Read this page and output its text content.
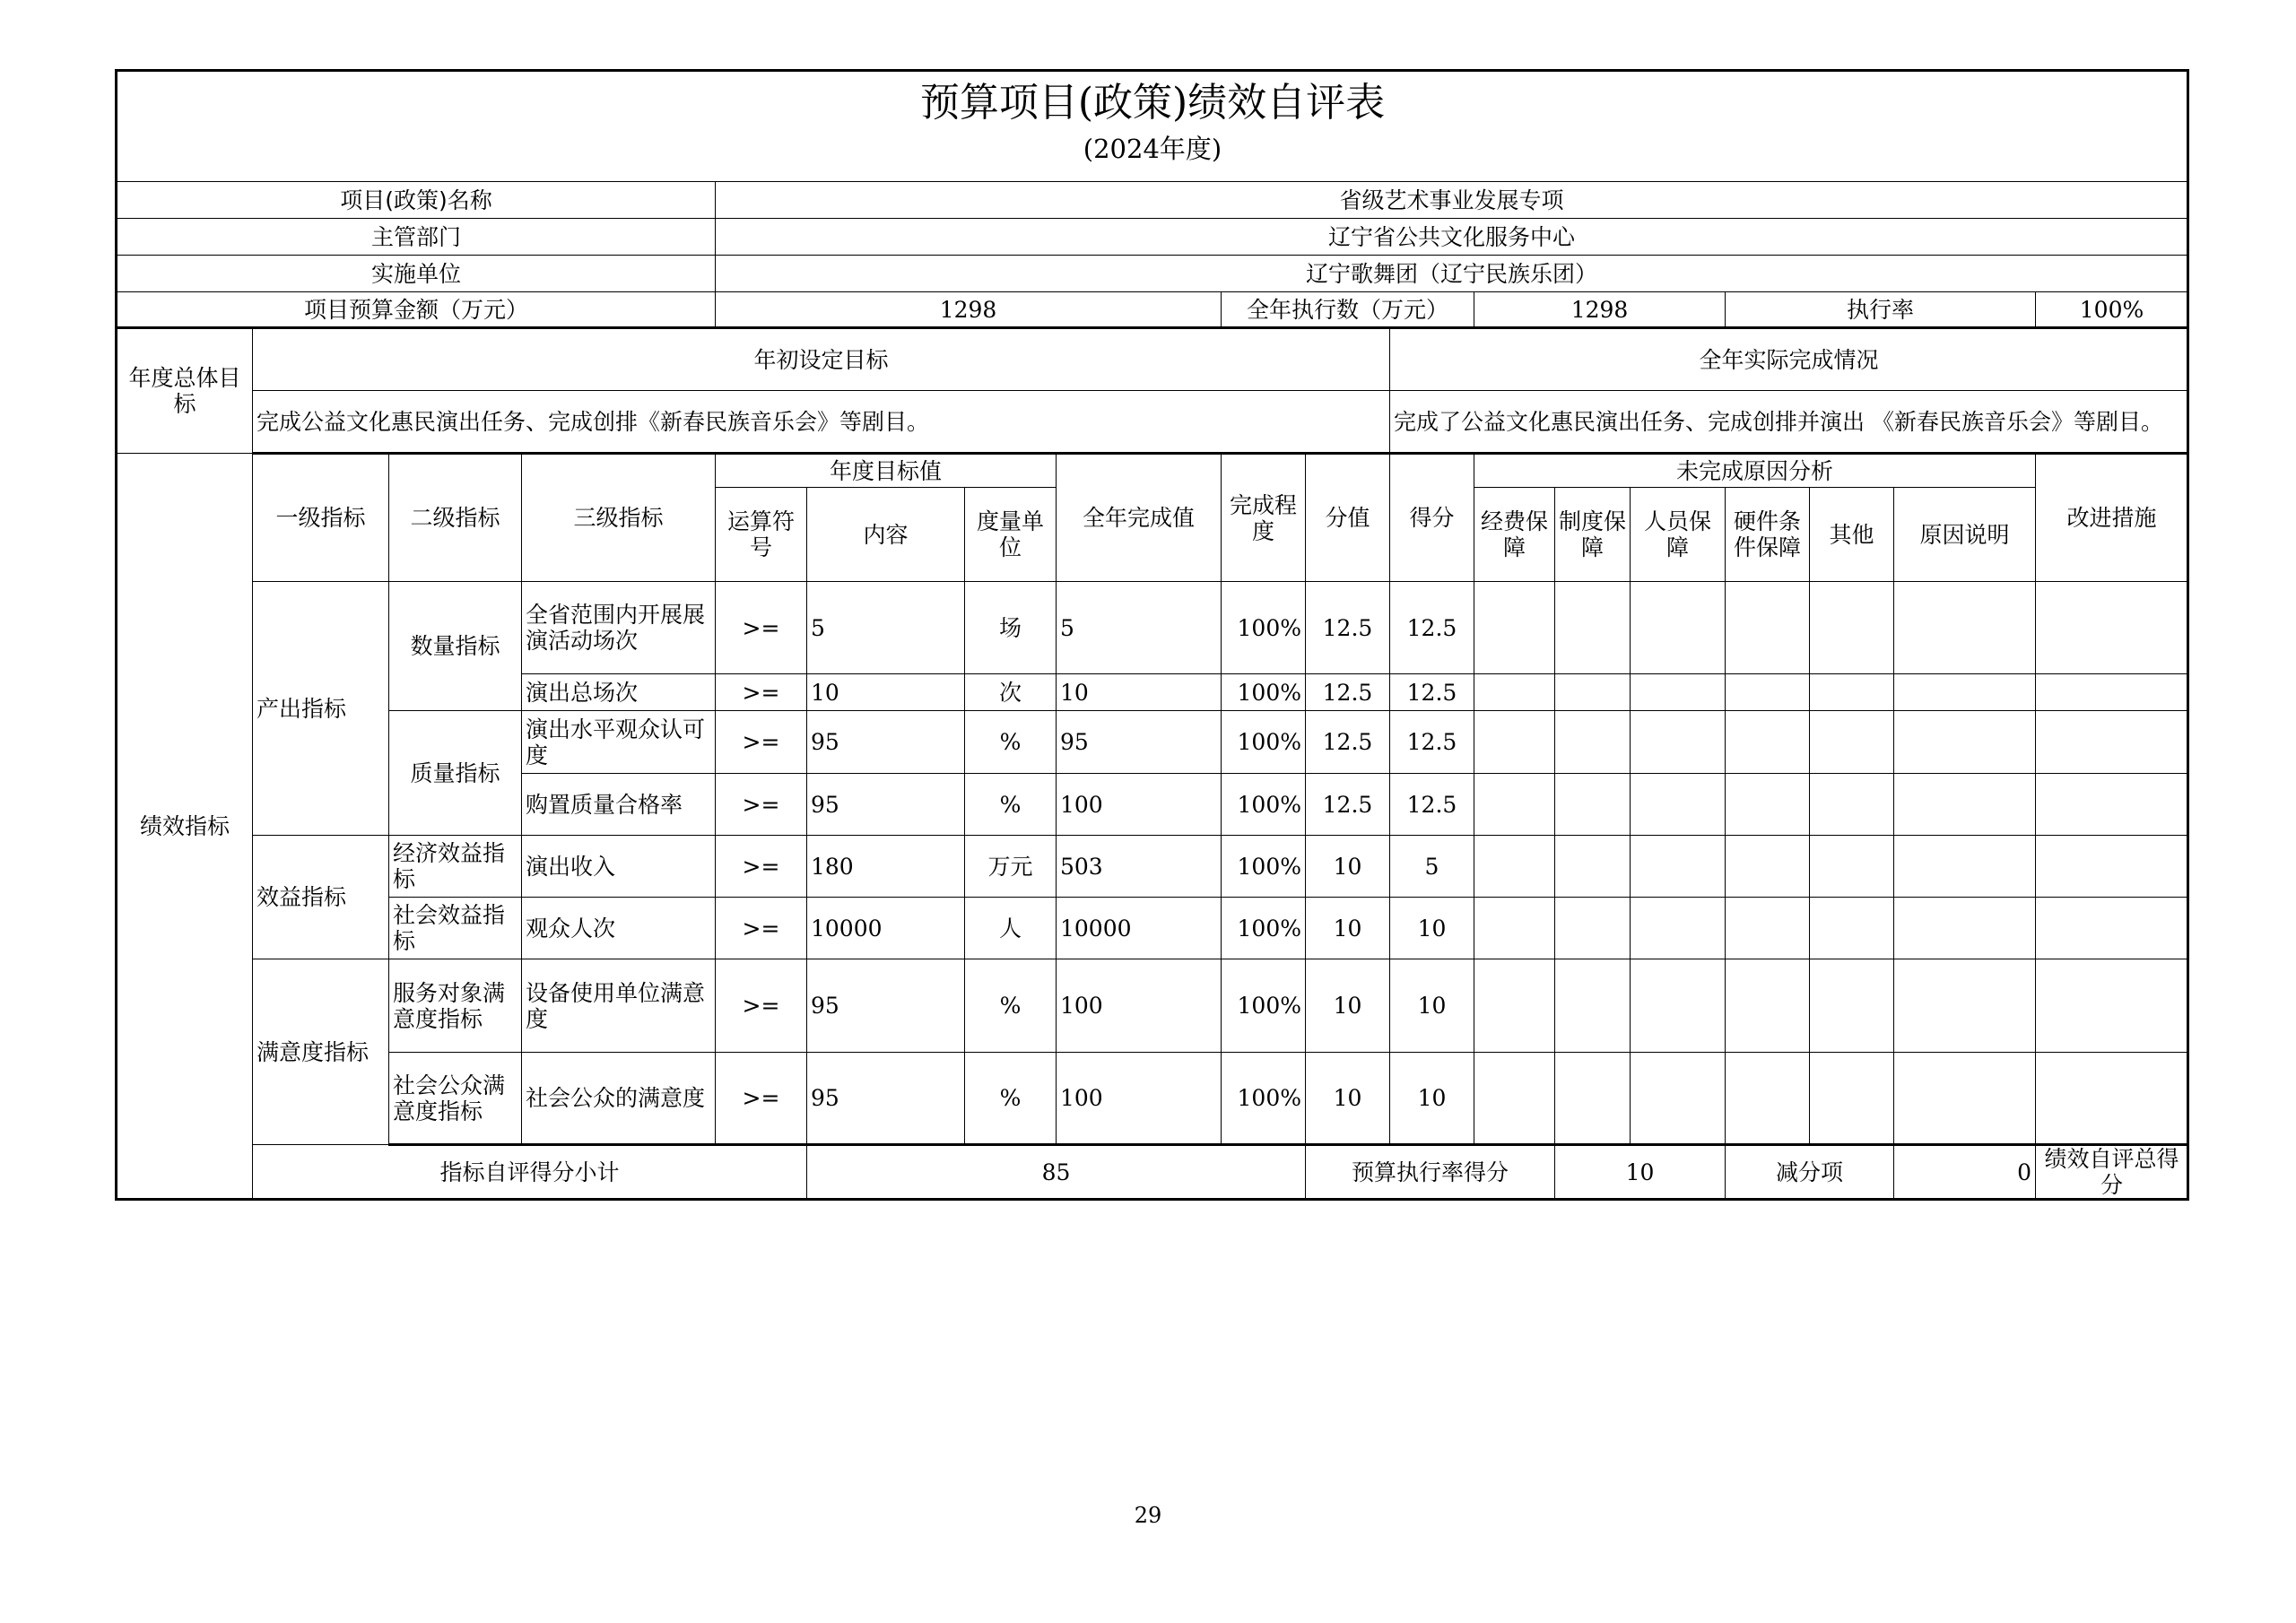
预算项目(政策)绩效自评表
(2024年度)																		

项目(政策)名称				省级艺术事业发展专项														
主管部门				辽宁省公共文化服务中心														
实施单位				辽宁歌舞团（辽宁民族乐团）														
项目预算金额（万元）				1298				全年执行数（万元）			1298			执行率			100%	
年度总体目标	年初设定目标									全年实际完成情况								
	完成公益文化惠民演出任务、完成创排《新春民族音乐会》等剧目。									完成了公益文化惠民演出任务、完成创排并演出 《新春民族音乐会》等剧目。								
绩效指标	一级指标	二级指标	三级指标	年度目标值			全年完成值	完成程度	分值	得分	未完成原因分析						改进措施	
				运算符号	内容	度量单位					经费保障	制度保障	人员保障	硬件条件保障	其他	原因说明		
	产出指标	数量指标	全省范围内开展展演活动场次	>=	5	场	5	100%	12.5	12.5								
			演出总场次	>=	10	次	10	100%	12.5	12.5								
		质量指标	演出水平观众认可度	>=	95	%	95	100%	12.5	12.5								
			购置质量合格率	>=	95	%	100	100%	12.5	12.5								
	效益指标	经济效益指标	演出收入	>=	180	万元	503	100%	10	5								
		社会效益指标	观众人次	>=	10000	人	10000	100%	10	10								
	满意度指标	服务对象满意度指标	设备使用单位满意度	>=	95	%	100	100%	10	10								
		社会公众满意度指标	社会公众的满意度	>=	95	%	100	100%	10	10								
	指标自评得分小计				85				预算执行率得分			10		减分项		0	绩效自评总得分	
29
